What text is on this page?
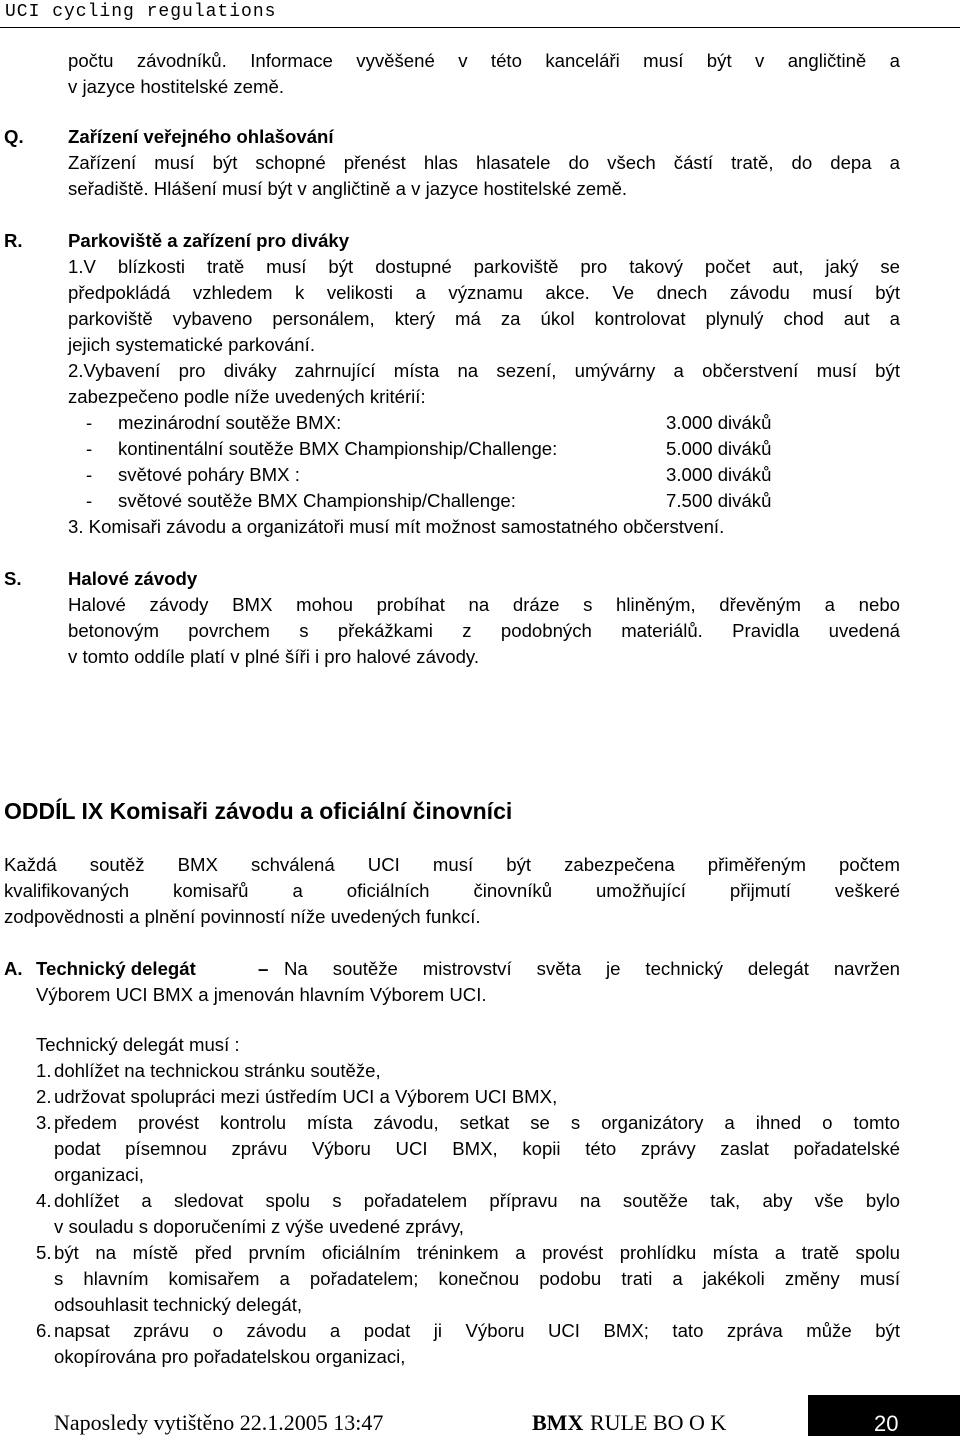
UCI cycling regulations
počtu závodníků. Informace vyvěšené v této kanceláři musí být v angličtině a
v jazyce hostitelské země.
Q. Zařízení veřejného ohlašování
Zařízení musí být schopné přenést hlas hlasatele do všech částí tratě, do depa a
seřadiště. Hlášení musí být v angličtině a v jazyce hostitelské země.
R. Parkoviště a zařízení pro diváky
1.V blízkosti tratě musí být dostupné parkoviště pro takový počet aut, jaký se
předpokládá vzhledem k velikosti a významu akce. Ve dnech závodu musí být
parkoviště vybaveno personálem, který má za úkol kontrolovat plynulý chod aut a
jejich systematické parkování.
2.Vybavení pro diváky zahrnující místa na sezení, umývárny a občerstvení musí být
zabezpečeno podle níže uvedených kritérií:
- mezinárodní soutěže BMX:	3.000 diváků
- kontinentální soutěže BMX Championship/Challenge:	5.000 diváků
- světové poháry BMX :	3.000 diváků
- světové soutěže BMX Championship/Challenge:	7.500 diváků
3. Komisaři závodu a organizátoři musí mít možnost samostatného občerstvení.
S. Halové závody
Halové závody BMX mohou probíhat na dráze s hliněným, dřevěným a nebo
betonovým povrchem s překážkami z podobných materiálů. Pravidla uvedená
v tomto oddíle platí v plné šíři i pro halové závody.
ODDÍL IX Komisaři závodu a oficiální činovníci
Každá soutěž BMX schválená UCI musí být zabezpečena přiměřeným počtem
kvalifikovaných komisařů a oficiálních činovníků umožňující přijmutí veškeré
zodpovědnosti a plnění povinností níže uvedených funkcí.
A. Technický delegát	– Na soutěže mistrovství světa je technický delegát navržen
Výborem UCI BMX a jmenován hlavním Výborem UCI.
Technický delegát musí :
1. dohlížet na technickou stránku soutěže,
2. udržovat spolupráci mezi ústředím UCI a Výborem UCI BMX,
3. předem provést kontrolu místa závodu, setkat se s organizátory a ihned o tomto
podat písemnou zprávu Výboru UCI BMX, kopii této zprávy zaslat pořadatelské
organizaci,
4. dohlížet a sledovat spolu s pořadatelem přípravu na soutěže tak, aby vše bylo
v souladu s doporučeními z výše uvedené zprávy,
5. být na místě před prvním oficiálním tréninkem a provést prohlídku místa a tratě spolu
s hlavním komisařem a pořadatelem; konečnou podobu trati a jakékoli změny musí
odsouhlasit technický delegát,
6. napsat zprávu o závodu a podat ji Výboru UCI BMX; tato zpráva může být
okopírována pro pořadatelskou organizaci,
Naposledy vytištěno 22.1.2005 13:47	BMX RULE BO O K	20
